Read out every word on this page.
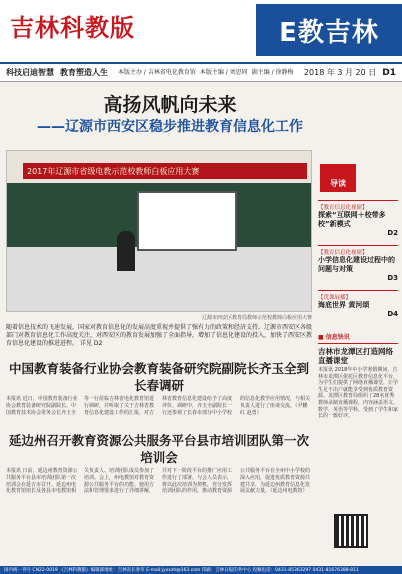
吉林科教版	E教吉林
科技启迪智慧 教育塑造人生 本版主办 / 吉林省电化教育馆 本版主编 / 刘思同 副主编 / 徐静梅 2018 年 3 月 20 日 D1
高扬风帆向未来
——辽源市西安区稳步推进教育信息化工作
2017年辽源市省级电教示范校教师白板应用大赛
辽源市西安区教育局教师示范校教师白板应用大赛
随着信息技术的飞速发展，国家对教育信息化的发展高度重视并提供了强有力的政策和经济支持。辽源市西安区各级部门对教育信息化工作高度关注，对西安区的教育发展加强了全面指导，增加了信息化建设的投入，加快了西安区教育信息化建设的推进进程。 详见 D2
中国教育装备行业协会教育装备研究院副院长齐玉全到长春调研
本报讯 近日，中国教育装备行业协会教育装备研究院副院长、中国教育技术协会常务会长齐玉全等一行莅临吉林省电化教育馆进行调研，并听取了关于吉林省教育信息化建设工作的汇报，对吉林省教育信息化建设给予了高度评价。调研中，齐玉全副院长一行还参观了长春市部分中小学校的信息化教学应用情况，与相关负责人进行了座谈交流。（尹鹏红 赵勇）
延边州召开教育资源公共服务平台县市培训团队第一次培训会
本报讯 日前，延边州教育资源公共服务平台县市培训团队第一次培训会在延吉市召开。延边州电化教育馆馆长及各县市电教馆相关负责人、培训团队成员参加了培训。会上，州电教馆对教育资源公共服务平台的功能、使用方法和管理要求进行了详细讲解，并对下一阶段平台的推广应用工作进行了部署。与会人员表示，将以此次培训为契机，充分发挥培训团队的作用，推动教育资源公共服务平台在全州中小学校的深入应用，促进优质教育资源共建共享，为延边州教育信息化发展贡献力量。（延边州电教馆）
导读
【教育信息化视窗】
探索“互联网＋校带多校”新模式
D2
【教育信息化视窗】
小学信息化建设过程中的问题与对策
D3
【优课展播】
海底世界 黄河颂
D4
■ 信息快讯
吉林市龙潭区打造网络直播课堂
本报讯 2018年中小学寒假期间，吉林市龙潭区依托区教育信息化平台，为学生们提供了网络直播课堂，让学生足不出户就能享受到优质教育资源。龙潭区教育局组织了28名优秀教师录制直播课程，内容涵盖语文、数学、英语等学科，受到了学生和家长的一致好评。
国内统一刊号 CN22-0019 《吉林科教版》编辑部地址：吉林省长春市 E-mail:jyxxzh@163.com 印刷：吉林日报印务中心 投稿电话：0431-85363297 0431-81676388-811
